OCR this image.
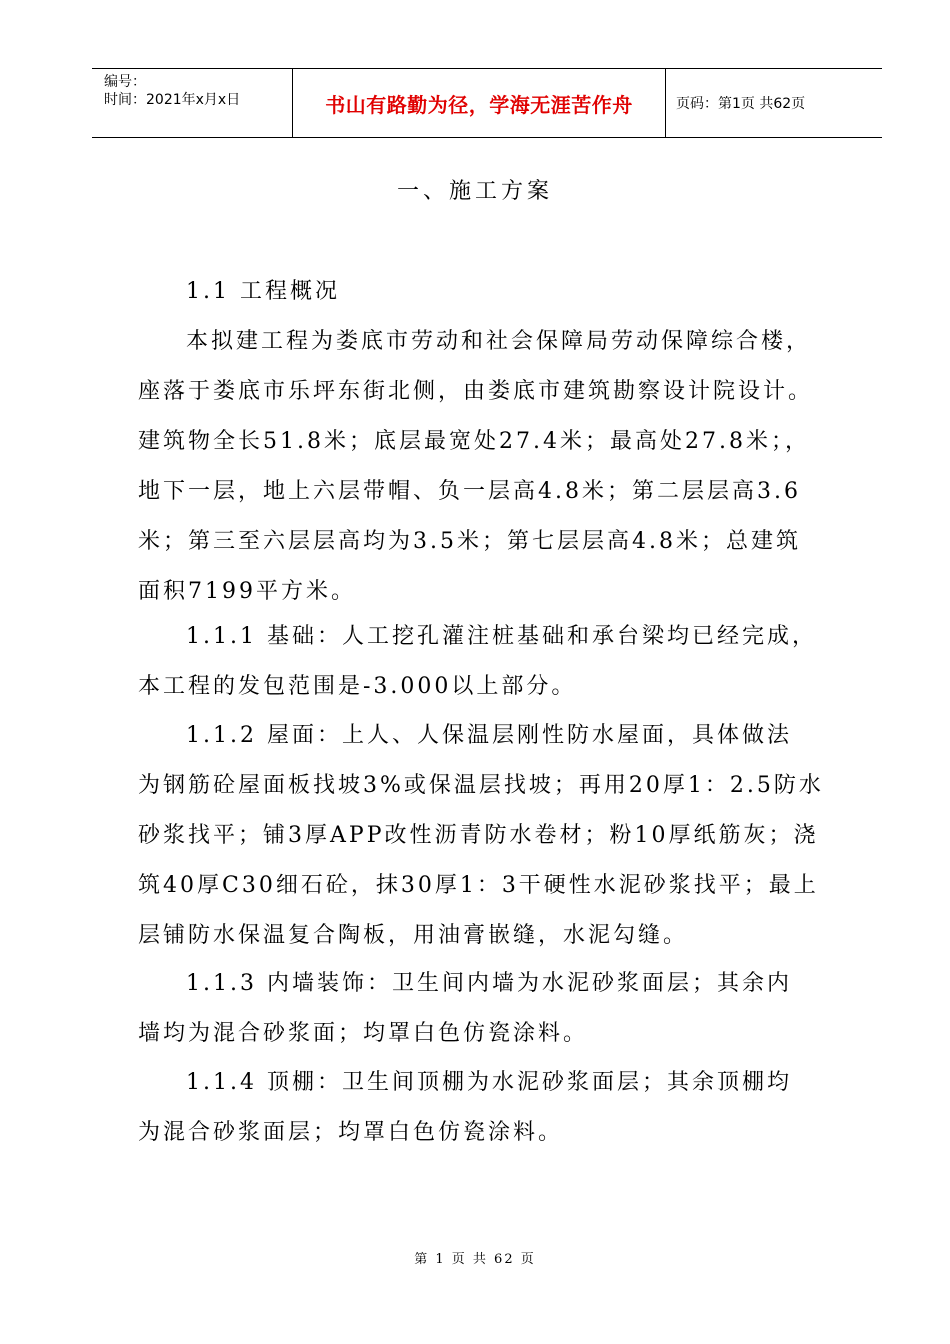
编号：
时间：2021年x月x日	书山有路勤为径，学海无涯苦作舟	页码：第1页 共62页
一、施工方案
1.1 工程概况
本拟建工程为娄底市劳动和社会保障局劳动保障综合楼，
座落于娄底市乐坪东街北侧，由娄底市建筑勘察设计院设计。
建筑物全长51.8米；底层最宽处27.4米；最高处27.8米；，
地下一层，地上六层带帽、负一层高4.8米；第二层层高3.6
米；第三至六层层高均为3.5米；第七层层高4.8米；总建筑
面积7199平方米。
1.1.1 基础：人工挖孔灌注桩基础和承台梁均已经完成，
本工程的发包范围是-3.000以上部分。
1.1.2 屋面：上人、人保温层刚性防水屋面，具体做法
为钢筋砼屋面板找坡3%或保温层找坡；再用20厚1：2.5防水
砂浆找平；铺3厚APP改性沥青防水卷材；粉10厚纸筋灰；浇
筑40厚C30细石砼，抹30厚1：3干硬性水泥砂浆找平；最上
层铺防水保温复合陶板，用油膏嵌缝，水泥勾缝。
1.1.3 内墙装饰：卫生间内墙为水泥砂浆面层；其余内
墙均为混合砂浆面；均罩白色仿瓷涂料。
1.1.4 顶棚：卫生间顶棚为水泥砂浆面层；其余顶棚均
为混合砂浆面层；均罩白色仿瓷涂料。
第 1 页 共 62 页
